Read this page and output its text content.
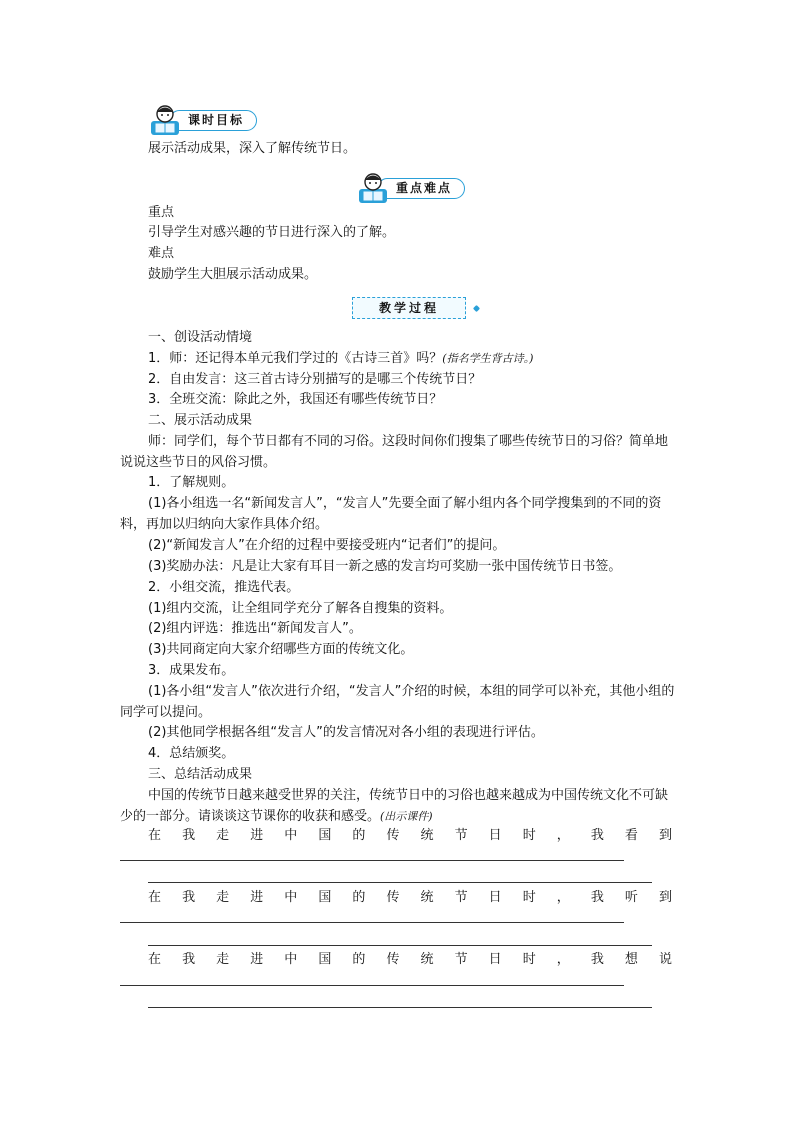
课时目标

展示活动成果，深入了解传统节日。

重点难点

重点

引导学生对感兴趣的节日进行深入的了解。

难点

鼓励学生大胆展示活动成果。

教学过程

一、创设活动情境

1．师：还记得本单元我们学过的《古诗三首》吗？(指名学生背古诗。)

2．自由发言：这三首古诗分别描写的是哪三个传统节日？

3．全班交流：除此之外，我国还有哪些传统节日？

二、展示活动成果

师：同学们，每个节日都有不同的习俗。这段时间你们搜集了哪些传统节日的习俗？简单地说说这些节日的风俗习惯。

1．了解规则。

(1)各小组选一名“新闻发言人”，“发言人”先要全面了解小组内各个同学搜集到的不同的资料，再加以归纳向大家作具体介绍。

(2)“新闻发言人”在介绍的过程中要接受班内“记者们”的提问。

(3)奖励办法：凡是让大家有耳目一新之感的发言均可奖励一张中国传统节日书签。

2．小组交流，推选代表。

(1)组内交流，让全组同学充分了解各自搜集的资料。

(2)组内评选：推选出“新闻发言人”。

(3)共同商定向大家介绍哪些方面的传统文化。

3．成果发布。

(1)各小组“发言人”依次进行介绍，“发言人”介绍的时候，本组的同学可以补充，其他小组的同学可以提问。

(2)其他同学根据各组“发言人”的发言情况对各小组的表现进行评估。

4．总结颁奖。

三、总结活动成果

中国的传统节日越来越受世界的关注，传统节日中的习俗也越来越成为中国传统文化不可缺少的一部分。请谈谈这节课你的收获和感受。(出示课件)

在 我 走 进 中 国 的 传 统 节 日 时 ， 我 看 到
在 我 走 进 中 国 的 传 统 节 日 时 ， 我 听 到
在 我 走 进 中 国 的 传 统 节 日 时 ， 我 想 说
